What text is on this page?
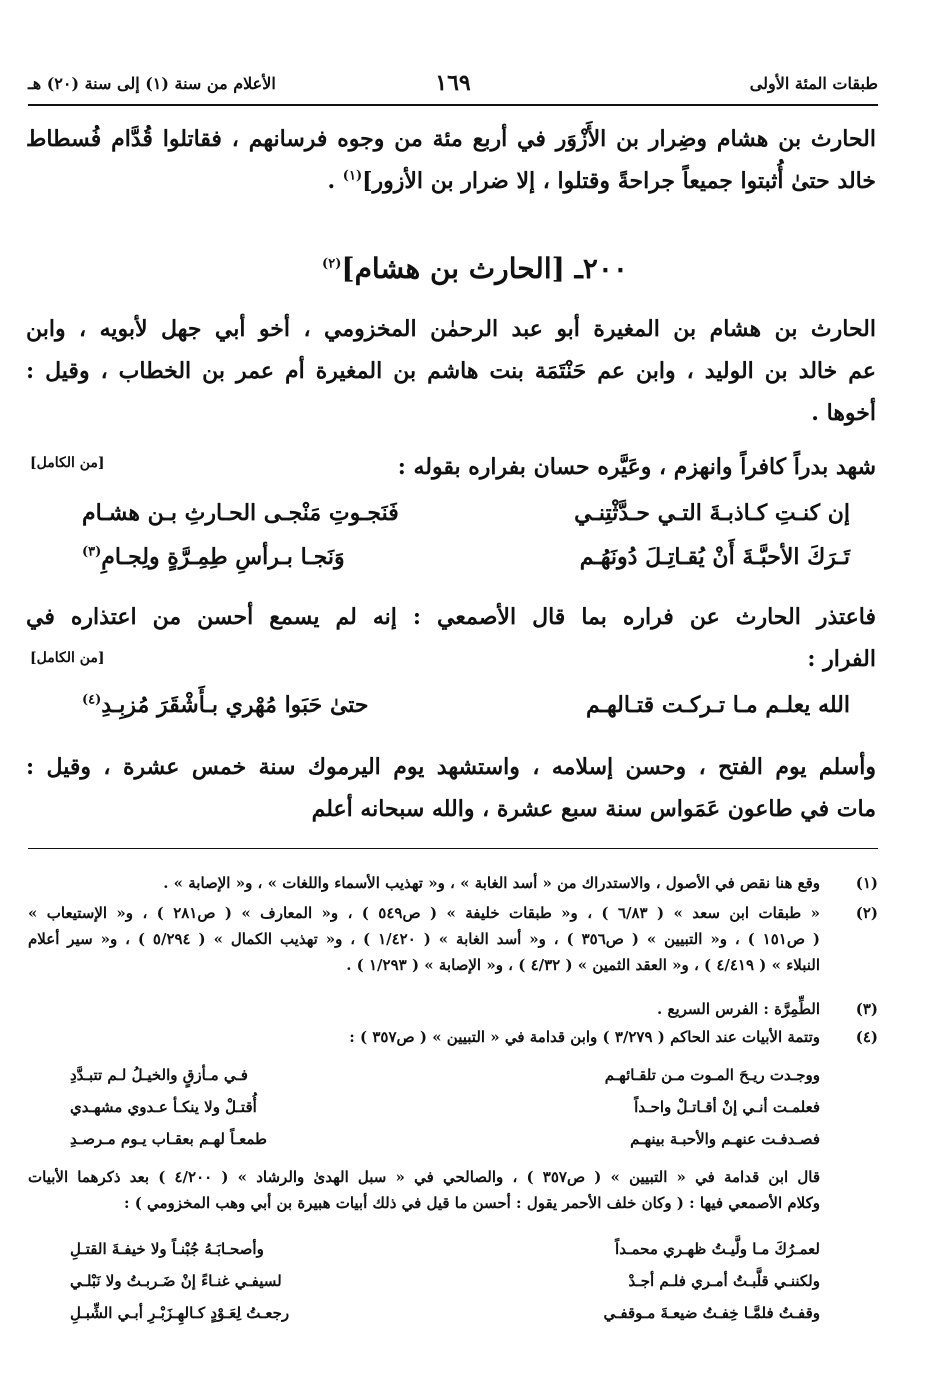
طبقات المئة الأولى
١٦٩
الأعلام من سنة (١) إلى سنة (٢٠) هـ
الحارث بن هشام وضِرار بن الأَزْوَر في أربع مئة من وجوه فرسانهم ، فقاتلوا قُدَّام فُسطاط
خالد حتىٰ أُثبتوا جميعاً جراحةً وقتلوا ، إلا ضرار بن الأزور]$^{(١)}$ .
٢٠٠ـ [الحارث بن هشام]$^{(٢)}$
الحارث بن هشام بن المغيرة أبو عبد الرحمٰن المخزومي ، أخو أبي جهل لأبويه ، وابن
عم خالد بن الوليد ، وابن عم حَنْتَمَة بنت هاشم بن المغيرة أم عمر بن الخطاب ، وقيل :
أخوها .
شهد بدراً كافراً وانهزم ، وعَيَّره حسان بفراره بقوله :
[من الكامل]
إن كنـتِ كـاذبـةَ التـي حـدَّثْتِنـي
فَنَجـوتِ مَنْجـى الحـارثِ بـن هشـام
تَـرَكَ الأحبَّـةَ أَنْ يُقـاتِـلَ دُونَهُـم
وَنَجـا بـرأسِ طِمِـرَّةٍ ولِجـامِ$^{(٣)}$
فاعتذر الحارث عن فراره بما قال الأصمعي : إنه لم يسمع أحسن من اعتذاره في
الفرار :
[من الكامل]
الله يعلـم مـا تـركـت قتـالهـم
حتىٰ حَبَوا مُهْري بـأَشْقَرَ مُزبِـدِ$^{(٤)}$
وأسلم يوم الفتح ، وحسن إسلامه ، واستشهد يوم اليرموك سنة خمس عشرة ، وقيل :
مات في طاعون عَمَواس سنة سبع عشرة ، والله سبحانه أعلم
(١)
وقع هنا نقص في الأصول ، والاستدراك من « أسد الغابة » ، و« تهذيب الأسماء واللغات » ، و« الإصابة » .
(٢)
« طبقات ابن سعد » ( ٦/٨٣ ) ، و« طبقات خليفة » ( ص٥٤٩ ) ، و« المعارف » ( ص٢٨١ ) ، و« الإستيعاب »
( ص١٥١ ) ، و« التبيين » ( ص٣٥٦ ) ، و« أسد الغابة » ( ١/٤٢٠ ) ، و« تهذيب الكمال » ( ٥/٢٩٤ ) ، و« سير أعلام
النبلاء » ( ٤/٤١٩ ) ، و« العقد الثمين » ( ٤/٣٢ ) ، و« الإصابة » ( ١/٢٩٣ ) .
(٣)
الطِّمِرَّة : الفرس السريع .
(٤)
وتتمة الأبيات عند الحاكم ( ٣/٢٧٩ ) وابن قدامة في « التبيين » ( ص٣٥٧ ) :
ووجـدت ريـحَ المـوت مـن تلقـائهـم
فـي مـأزقٍ والخيـلُ لـم تتبـدَّدِ
فعلمـت أنـي إنْ أقـاتـلْ واحـداً
أُقتـلْ ولا ينكـأ عـدوي مشهـدي
فصـدفـت عنهـم والأحبـة بينهـم
طمعـاً لهـم بعقـاب يـوم مـرصـدِ
قال ابن قدامة في « التبيين » ( ص٣٥٧ ) ، والصالحي في « سبل الهدىٰ والرشاد » ( ٤/٢٠٠ ) بعد ذكرهما الأبيات
وكلام الأصمعي فيها : ( وكان خلف الأحمر يقول : أحسن ما قيل في ذلك أبيات هبيرة بن أبي وهب المخزومي ) :
لعمـرُكَ مـا ولَّيـتُ ظهـري محمـداً
وأصحـابَـهُ جُبْنـاً ولا خيفـةَ القتـلِ
ولكننـي قلَّبـتُ أمـري فلـم أجـدْ
لسيفـي غنـاءً إنْ ضَـربـتُ ولا نَبْلـي
وقفـتُ فلمَّـا خِفـتُ ضيعـةَ مـوقفـي
رجعـتُ لِعَـوْدٍ كـالهِـزَبْـرِ أبـي الشِّبـلِ
